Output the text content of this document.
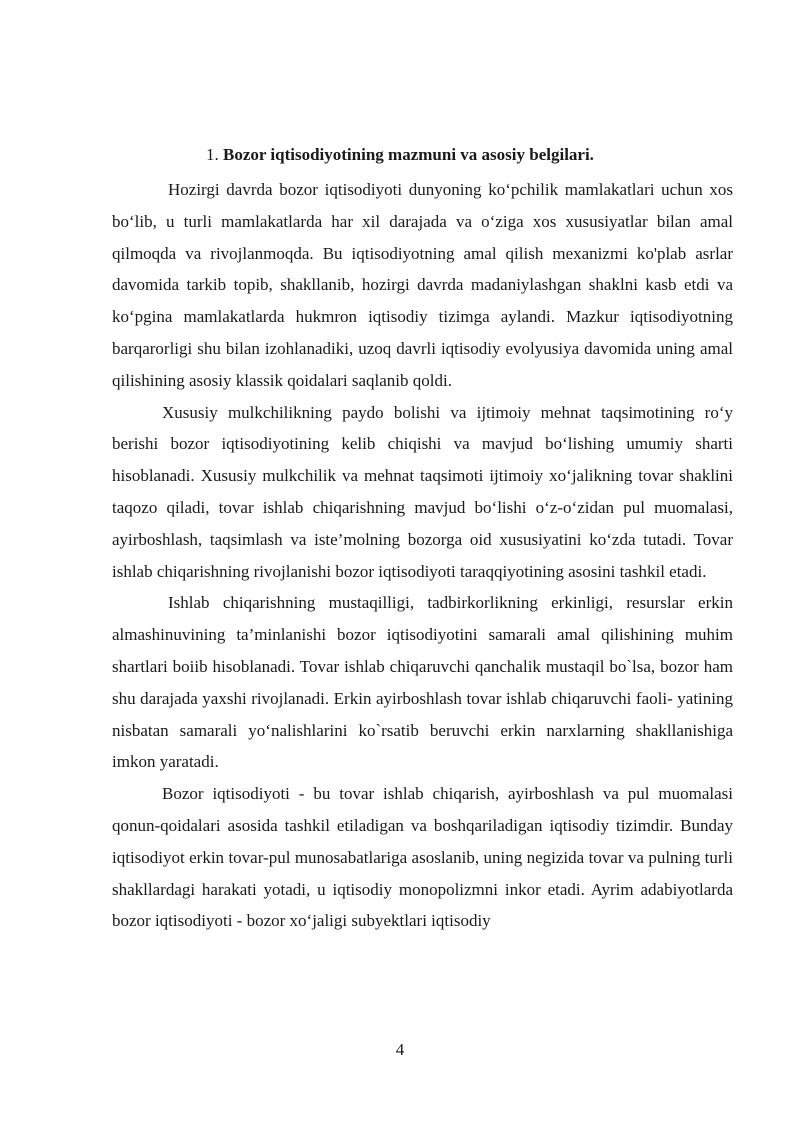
1. Bozor iqtisodiyotining mazmuni va asosiy belgilari.

Hozirgi davrda bozor iqtisodiyoti dunyoning ko‘pchilik mamlakatlari uchun xos bo‘lib, u turli mamlakatlarda har xil darajada va o‘ziga xos xususiyatlar bilan amal qilmoqda va rivojlanmoqda. Bu iqtisodiyotning amal qilish mexanizmi ko'plab asrlar davomida tarkib topib, shakllanib, hozirgi davrda madaniylashgan shaklni kasb etdi va ko‘pgina mamlakatlarda hukmron iqtisodiy tizimga aylandi. Mazkur iqtisodiyotning barqarorligi shu bilan izohlanadiki, uzoq davrli iqtisodiy evolyusiya davomida uning amal qilishining asosiy klassik qoidalari saqlanib qoldi.

Xususiy mulkchilikning paydo bolishi va ijtimoiy mehnat taqsimotining ro‘y berishi bozor iqtisodiyotining kelib chiqishi va mavjud bo‘lishing umumiy sharti hisoblanadi. Xususiy mulkchilik va mehnat taqsimoti ijtimoiy xo‘jalikning tovar shaklini taqozo qiladi, tovar ishlab chiqarishning mavjud bo‘lishi o‘z-o‘zidan pul muomalasi, ayirboshlash, taqsimlash va iste’molning bozorga oid xususiyatini ko‘zda tutadi. Tovar ishlab chiqarishning rivojlanishi bozor iqtisodiyoti taraqqiyotining asosini tashkil etadi.

Ishlab chiqarishning mustaqilligi, tadbirkorlikning erkinligi, resurslar erkin almashinuvining ta’minlanishi bozor iqtisodiyotini samarali amal qilishining muhim shartlari boiib hisoblanadi. Tovar ishlab chiqaruvchi qanchalik mustaqil bo`lsa, bozor ham shu darajada yaxshi rivojlanadi. Erkin ayirboshlash tovar ishlab chiqaruvchi faoli- yatining nisbatan samarali yo‘nalishlarini ko`rsatib beruvchi erkin narxlarning shakllanishiga imkon yaratadi.

Bozor iqtisodiyoti - bu tovar ishlab chiqarish, ayirboshlash va pul muomalasi qonun-qoidalari asosida tashkil etiladigan va boshqariladigan iqtisodiy tizimdir. Bunday iqtisodiyot erkin tovar-pul munosabatlariga asoslanib, uning negizida tovar va pulning turli shakllardagi harakati yotadi, u iqtisodiy monopolizmni inkor etadi. Ayrim adabiyotlarda bozor iqtisodiyoti - bozor xo‘jaligi subyektlari iqtisodiy

4
